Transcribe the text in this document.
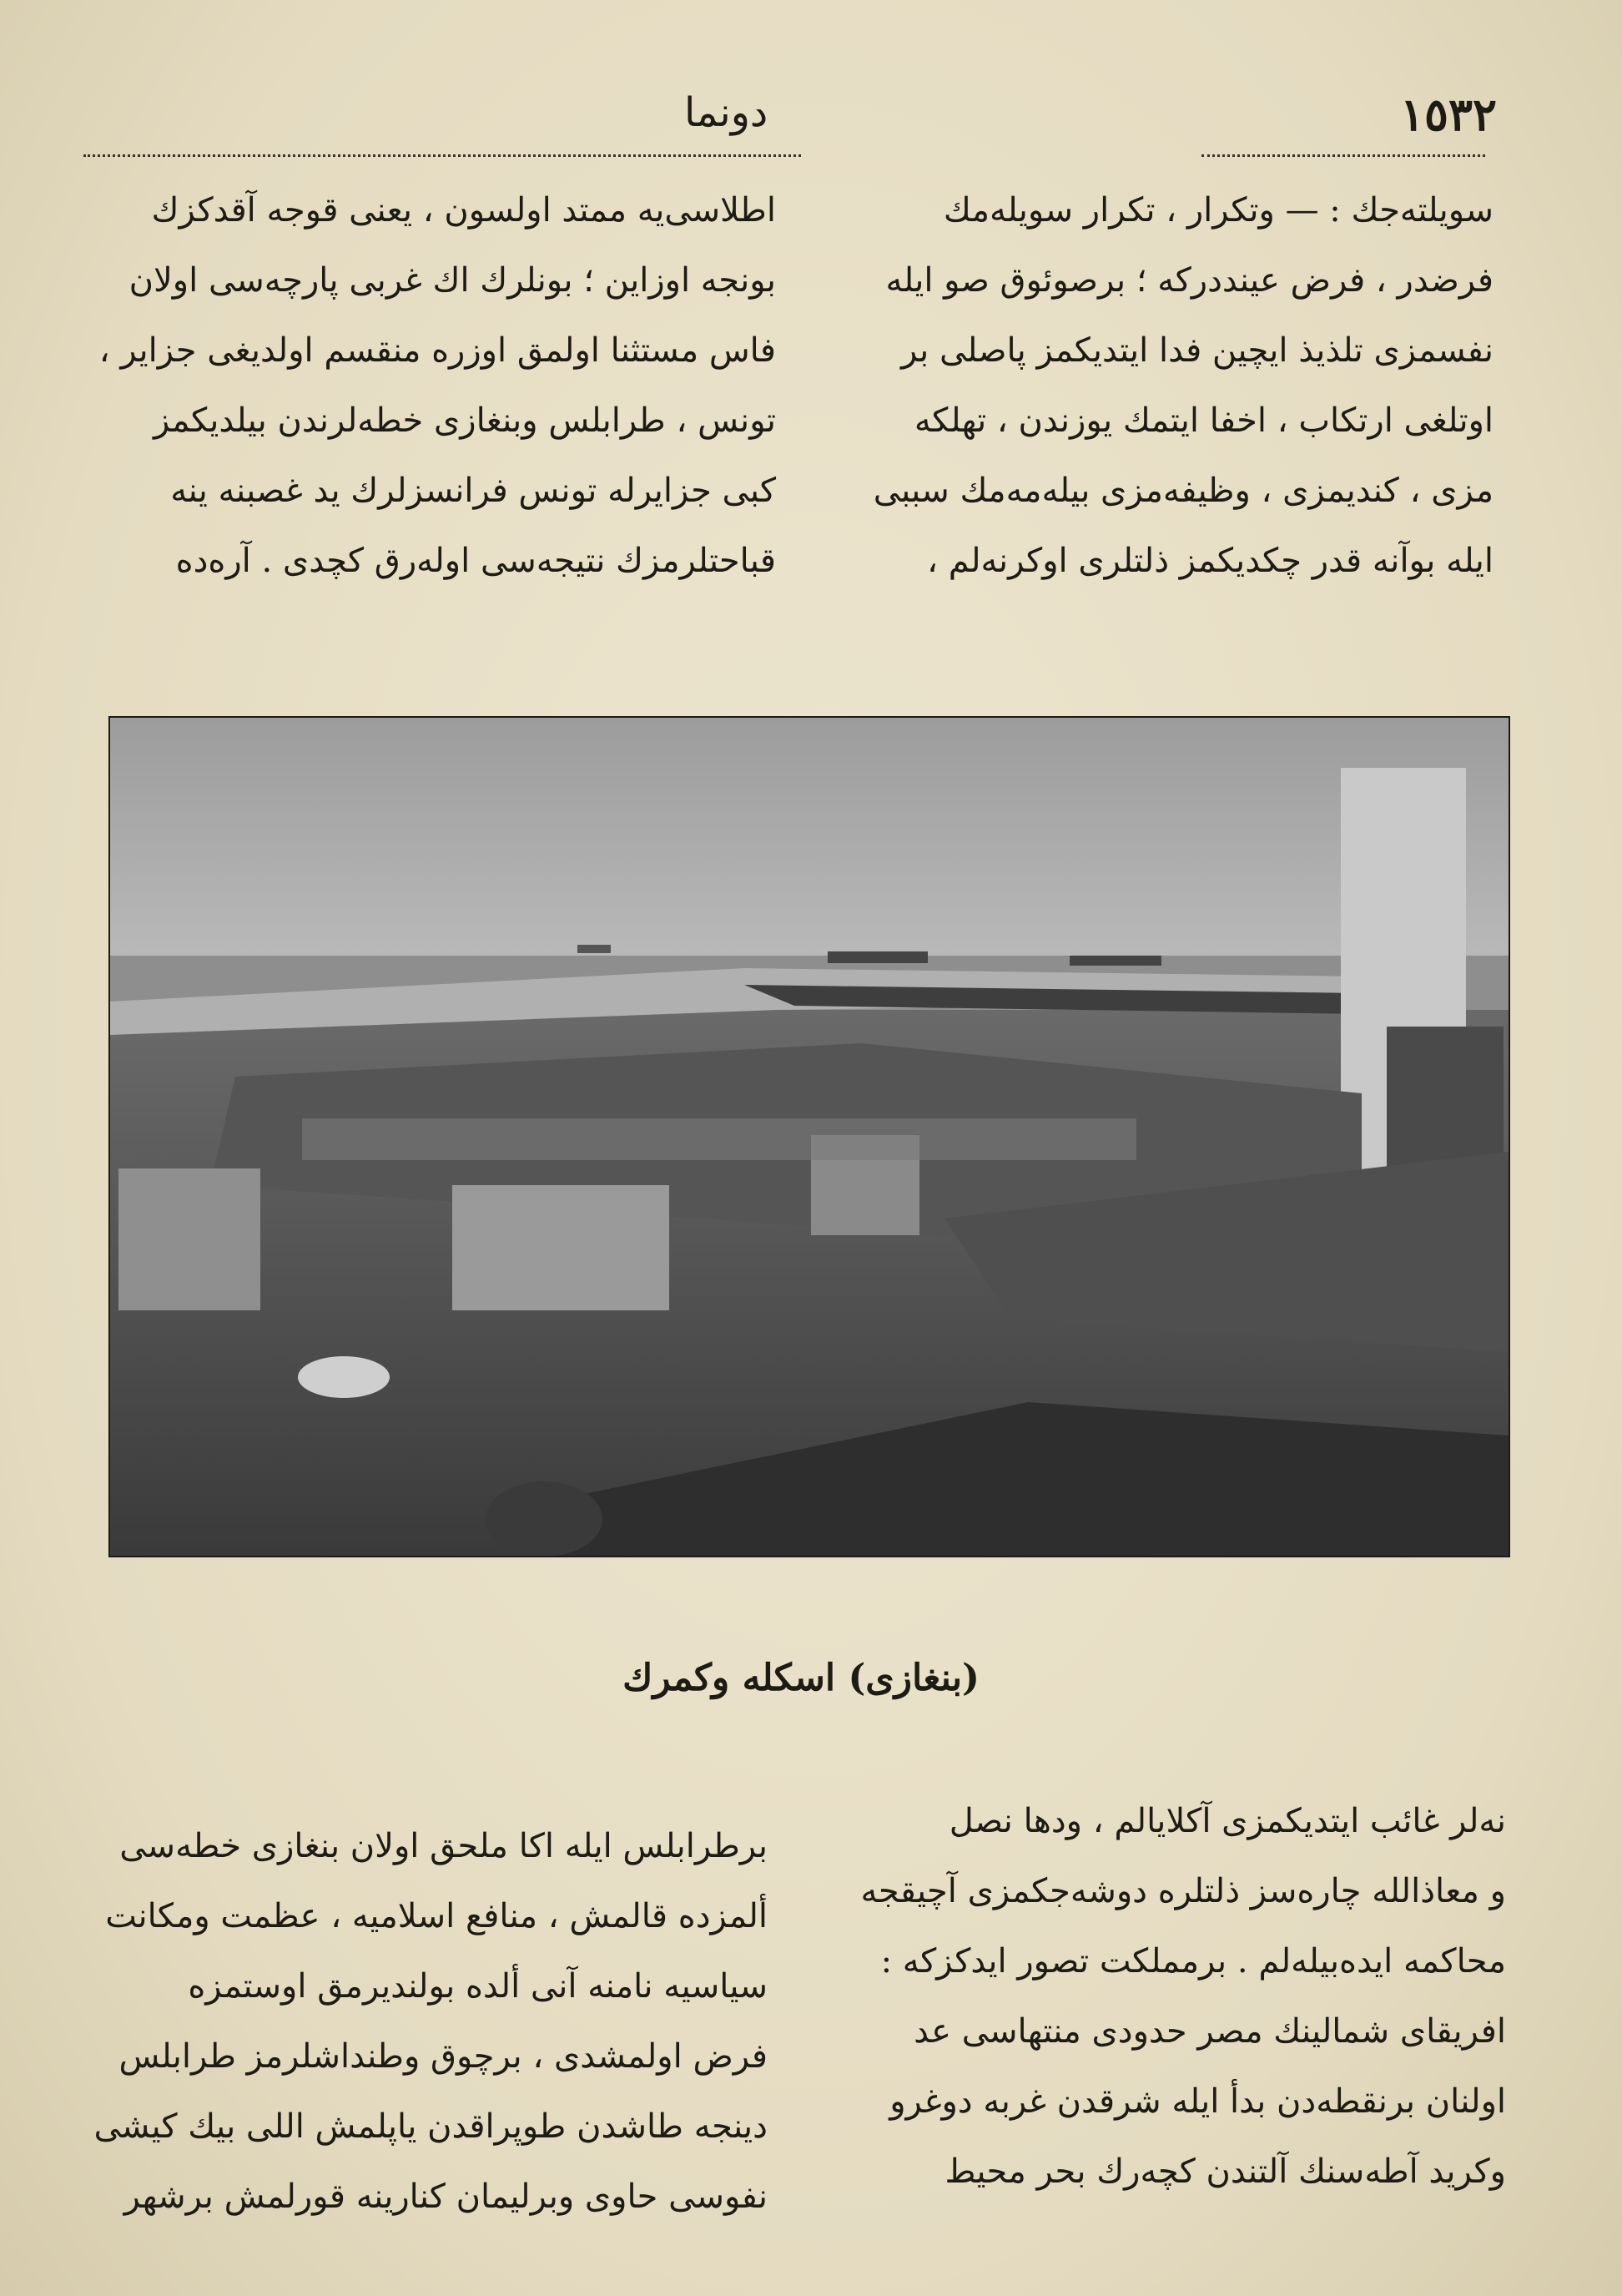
١٥٣٢
دونما

سویلته‌جك : — وتكرار ، تكرار سویله‌مك

فرضدر ، فرض عینددركه ؛ برصوئوق صو ایله

نفسمزی تلذیذ ایچین فدا ایتدیكمز پاصلی بر

اوتلغی ارتكاب ، اخفا ایتمك یوزندن ، تهلكه

مزی ، كندیمزی ، وظیفه‌مزی بیله‌مه‌مك سببی

ایله بوآنه قدر چكدیكمز ذلتلری اوكرنه‌لم ،

اطلاسی‌یه ممتد اولسون ، یعنی قوجه آقدكزك

بونجه اوزاین ؛ بونلرك اك غربی پارچه‌سی اولان

فاس مستثنا اولمق اوزره منقسم اولدیغی جزایر ،

تونس ، طرابلس وبنغازی خطه‌لرندن بیلدیكمز

كبی جزایرله تونس فرانسزلرك ید غصبنه ینه

قباحتلرمزك نتیجه‌سی اوله‌رق كچدی . آره‌ده

(بنغازی) اسكله وكمرك

نه‌لر غائب ایتدیكمزی آكلایالم ، ودها نصل

و معاذالله چاره‌سز ذلتلره دوشه‌جكمزی آچیقجه

محاكمه ایده‌بیله‌لم . برمملكت تصور ایدكزكه :

افریقای شمالینك مصر حدودی منتهاسی عد

اولنان برنقطه‌دن بدأ ایله شرقدن غربه دوغرو

وكرید آطه‌سنك آلتندن كچه‌رك بحر محیط

برطرابلس ایله اكا ملحق اولان بنغازی خطه‌سی

ألمزده قالمش ، منافع اسلامیه ، عظمت ومكانت

سیاسیه نامنه آنی ألده بولندیرمق اوستمزه

فرض اولمشدی ، برچوق وطنداشلرمز طرابلس

دینجه طاشدن طوپراقدن یاپلمش اللی بیك كیشی

نفوسی حاوی وبرلیمان كنارینه قورلمش برشهر
